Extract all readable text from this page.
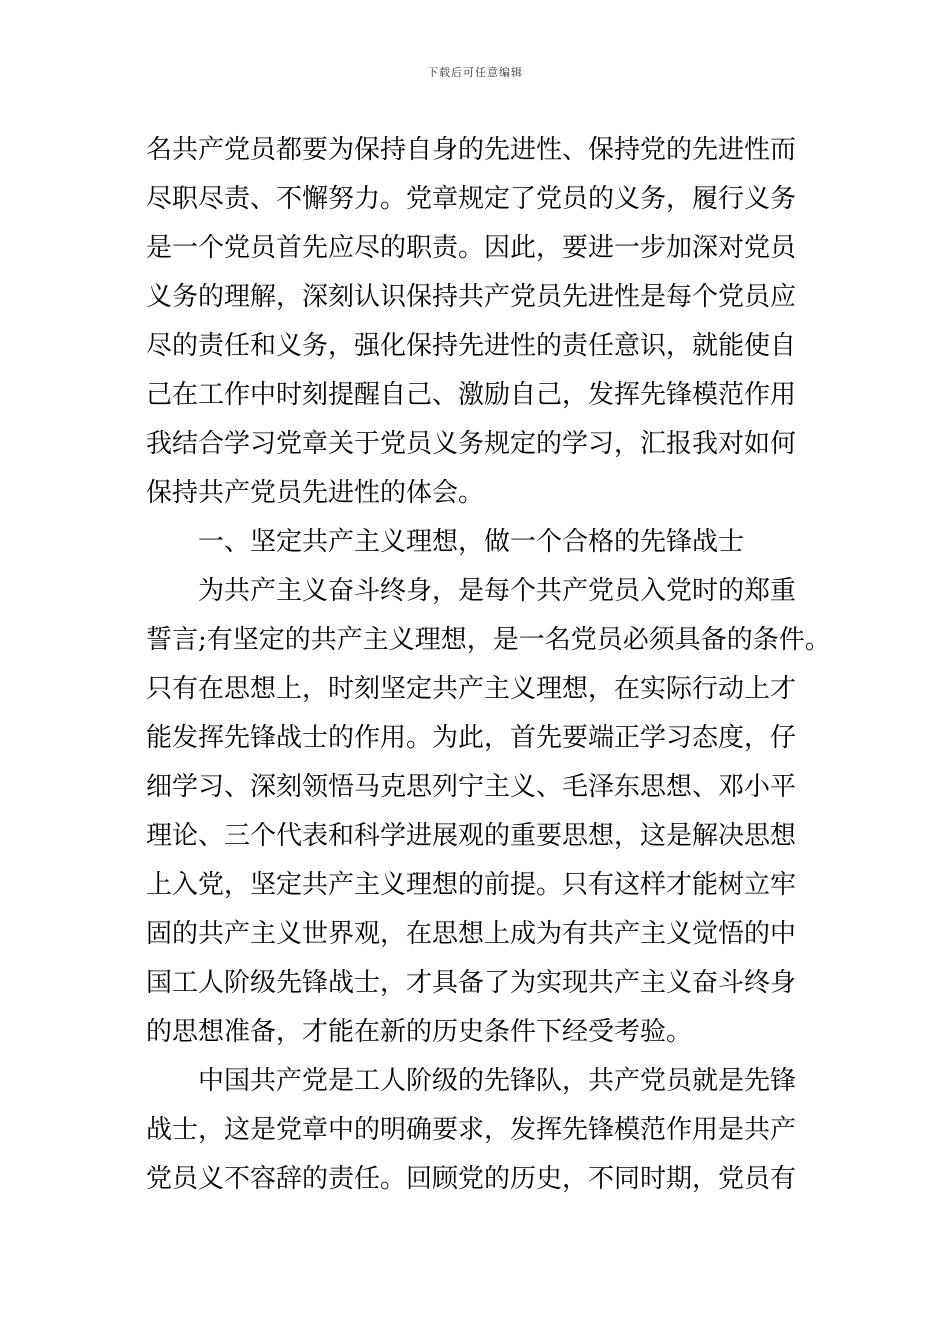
下载后可任意编辑
名共产党员都要为保持自身的先进性、保持党的先进性而
尽职尽责、不懈努力。党章规定了党员的义务，履行义务
是一个党员首先应尽的职责。因此，要进一步加深对党员
义务的理解，深刻认识保持共产党员先进性是每个党员应
尽的责任和义务，强化保持先进性的责任意识，就能使自
己在工作中时刻提醒自己、激励自己，发挥先锋模范作用
我结合学习党章关于党员义务规定的学习，汇报我对如何
保持共产党员先进性的体会。
一、坚定共产主义理想，做一个合格的先锋战士
为共产主义奋斗终身，是每个共产党员入党时的郑重
誓言;有坚定的共产主义理想，是一名党员必须具备的条件。
只有在思想上，时刻坚定共产主义理想，在实际行动上才
能发挥先锋战士的作用。为此，首先要端正学习态度，仔
细学习、深刻领悟马克思列宁主义、毛泽东思想、邓小平
理论、三个代表和科学进展观的重要思想，这是解决思想
上入党，坚定共产主义理想的前提。只有这样才能树立牢
固的共产主义世界观，在思想上成为有共产主义觉悟的中
国工人阶级先锋战士，才具备了为实现共产主义奋斗终身
的思想准备，才能在新的历史条件下经受考验。
中国共产党是工人阶级的先锋队，共产党员就是先锋
战士，这是党章中的明确要求，发挥先锋模范作用是共产
党员义不容辞的责任。回顾党的历史，不同时期，党员有
